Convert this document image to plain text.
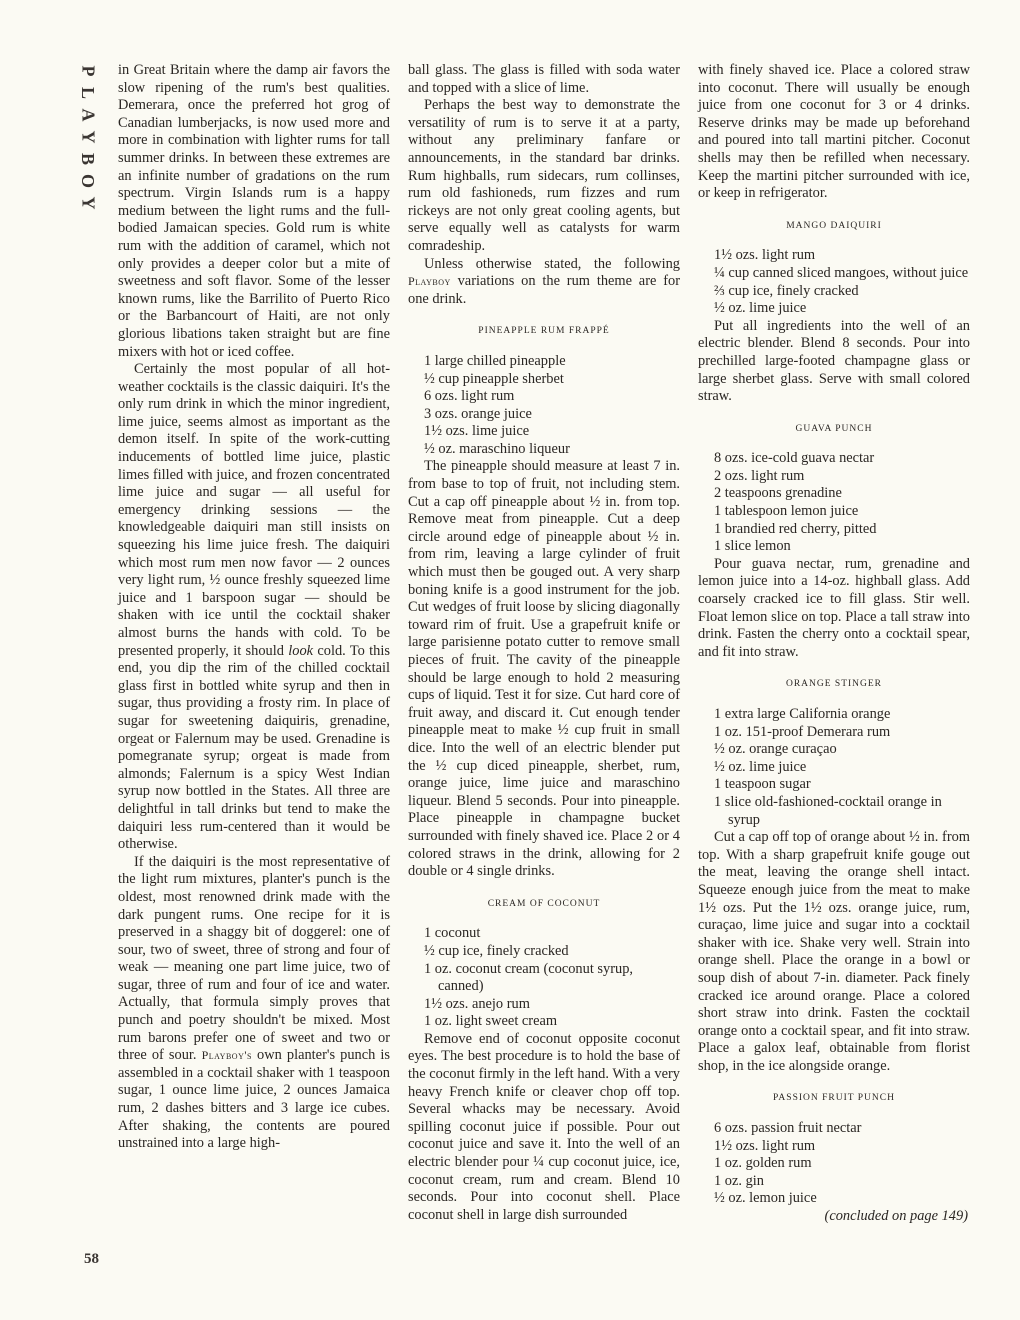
P
L
A
Y
B
O
Y
58

in Great Britain where the damp air favors the slow ripening of the rum's best qualities. Demerara, once the preferred hot grog of Canadian lumberjacks, is now used more and more in combination with lighter rums for tall summer drinks. In between these extremes are an infinite number of gradations on the rum spectrum. Virgin Islands rum is a happy medium between the light rums and the full-bodied Jamaican species. Gold rum is white rum with the addition of caramel, which not only provides a deeper color but a mite of sweetness and soft flavor. Some of the lesser known rums, like the Barrilito of Puerto Rico or the Barbancourt of Haiti, are not only glorious libations taken straight but are fine mixers with hot or iced coffee.

Certainly the most popular of all hot-weather cocktails is the classic daiquiri. It's the only rum drink in which the minor ingredient, lime juice, seems almost as important as the demon itself. In spite of the work-cutting inducements of bottled lime juice, plastic limes filled with juice, and frozen concentrated lime juice and sugar — all useful for emergency drinking sessions — the knowledgeable daiquiri man still insists on squeezing his lime juice fresh. The daiquiri which most rum men now favor — 2 ounces very light rum, ½ ounce freshly squeezed lime juice and 1 barspoon sugar — should be shaken with ice until the cocktail shaker almost burns the hands with cold. To be presented properly, it should look cold. To this end, you dip the rim of the chilled cocktail glass first in bottled white syrup and then in sugar, thus providing a frosty rim. In place of sugar for sweetening daiquiris, grenadine, orgeat or Falernum may be used. Grenadine is pomegranate syrup; orgeat is made from almonds; Falernum is a spicy West Indian syrup now bottled in the States. All three are delightful in tall drinks but tend to make the daiquiri less rum-centered than it would be otherwise.

If the daiquiri is the most representative of the light rum mixtures, planter's punch is the oldest, most renowned drink made with the dark pungent rums. One recipe for it is preserved in a shaggy bit of doggerel: one of sour, two of sweet, three of strong and four of weak — meaning one part lime juice, two of sugar, three of rum and four of ice and water. Actually, that formula simply proves that punch and poetry shouldn't be mixed. Most rum barons prefer one of sweet and two or three of sour. Playboy's own planter's punch is assembled in a cocktail shaker with 1 teaspoon sugar, 1 ounce lime juice, 2 ounces Jamaica rum, 2 dashes bitters and 3 large ice cubes. After shaking, the contents are poured unstrained into a large high-

ball glass. The glass is filled with soda water and topped with a slice of lime.

Perhaps the best way to demonstrate the versatility of rum is to serve it at a party, without any preliminary fanfare or announcements, in the standard bar drinks. Rum highballs, rum sidecars, rum collinses, rum old fashioneds, rum fizzes and rum rickeys are not only great cooling agents, but serve equally well as catalysts for warm comradeship.

Unless otherwise stated, the following Playboy variations on the rum theme are for one drink.

PINEAPPLE RUM FRAPPÉ
1 large chilled pineapple
½ cup pineapple sherbet
6 ozs. light rum
3 ozs. orange juice
1½ ozs. lime juice
½ oz. maraschino liqueur

The pineapple should measure at least 7 in. from base to top of fruit, not including stem. Cut a cap off pineapple about ½ in. from top. Remove meat from pineapple. Cut a deep circle around edge of pineapple about ½ in. from rim, leaving a large cylinder of fruit which must then be gouged out. A very sharp boning knife is a good instrument for the job. Cut wedges of fruit loose by slicing diagonally toward rim of fruit. Use a grapefruit knife or large parisienne potato cutter to remove small pieces of fruit. The cavity of the pineapple should be large enough to hold 2 measuring cups of liquid. Test it for size. Cut hard core of fruit away, and discard it. Cut enough tender pineapple meat to make ½ cup fruit in small dice. Into the well of an electric blender put the ½ cup diced pineapple, sherbet, rum, orange juice, lime juice and maraschino liqueur. Blend 5 seconds. Pour into pineapple. Place pineapple in champagne bucket surrounded with finely shaved ice. Place 2 or 4 colored straws in the drink, allowing for 2 double or 4 single drinks.

CREAM OF COCONUT
1 coconut
½ cup ice, finely cracked
1 oz. coconut cream (coconut syrup, canned)
1½ ozs. anejo rum
1 oz. light sweet cream

Remove end of coconut opposite coconut eyes. The best procedure is to hold the base of the coconut firmly in the left hand. With a very heavy French knife or cleaver chop off top. Several whacks may be necessary. Avoid spilling coconut juice if possible. Pour out coconut juice and save it. Into the well of an electric blender pour ¼ cup coconut juice, ice, coconut cream, rum and cream. Blend 10 seconds. Pour into coconut shell. Place coconut shell in large dish surrounded

with finely shaved ice. Place a colored straw into coconut. There will usually be enough juice from one coconut for 3 or 4 drinks. Reserve drinks may be made up beforehand and poured into tall martini pitcher. Coconut shells may then be refilled when necessary. Keep the martini pitcher surrounded with ice, or keep in refrigerator.

MANGO DAIQUIRI
1½ ozs. light rum
¼ cup canned sliced mangoes, without juice
⅔ cup ice, finely cracked
½ oz. lime juice

Put all ingredients into the well of an electric blender. Blend 8 seconds. Pour into prechilled large-footed champagne glass or large sherbet glass. Serve with small colored straw.

GUAVA PUNCH
8 ozs. ice-cold guava nectar
2 ozs. light rum
2 teaspoons grenadine
1 tablespoon lemon juice
1 brandied red cherry, pitted
1 slice lemon

Pour guava nectar, rum, grenadine and lemon juice into a 14-oz. highball glass. Add coarsely cracked ice to fill glass. Stir well. Float lemon slice on top. Place a tall straw into drink. Fasten the cherry onto a cocktail spear, and fit into straw.

ORANGE STINGER
1 extra large California orange
1 oz. 151-proof Demerara rum
½ oz. orange curaçao
½ oz. lime juice
1 teaspoon sugar
1 slice old-fashioned-cocktail orange in syrup

Cut a cap off top of orange about ½ in. from top. With a sharp grapefruit knife gouge out the meat, leaving the orange shell intact. Squeeze enough juice from the meat to make 1½ ozs. Put the 1½ ozs. orange juice, rum, curaçao, lime juice and sugar into a cocktail shaker with ice. Shake very well. Strain into orange shell. Place the orange in a bowl or soup dish of about 7-in. diameter. Pack finely cracked ice around orange. Place a colored short straw into drink. Fasten the cocktail orange onto a cocktail spear, and fit into straw. Place a galox leaf, obtainable from florist shop, in the ice alongside orange.

PASSION FRUIT PUNCH
6 ozs. passion fruit nectar
1½ ozs. light rum
1 oz. golden rum
1 oz. gin
½ oz. lemon juice

(concluded on page 149)
